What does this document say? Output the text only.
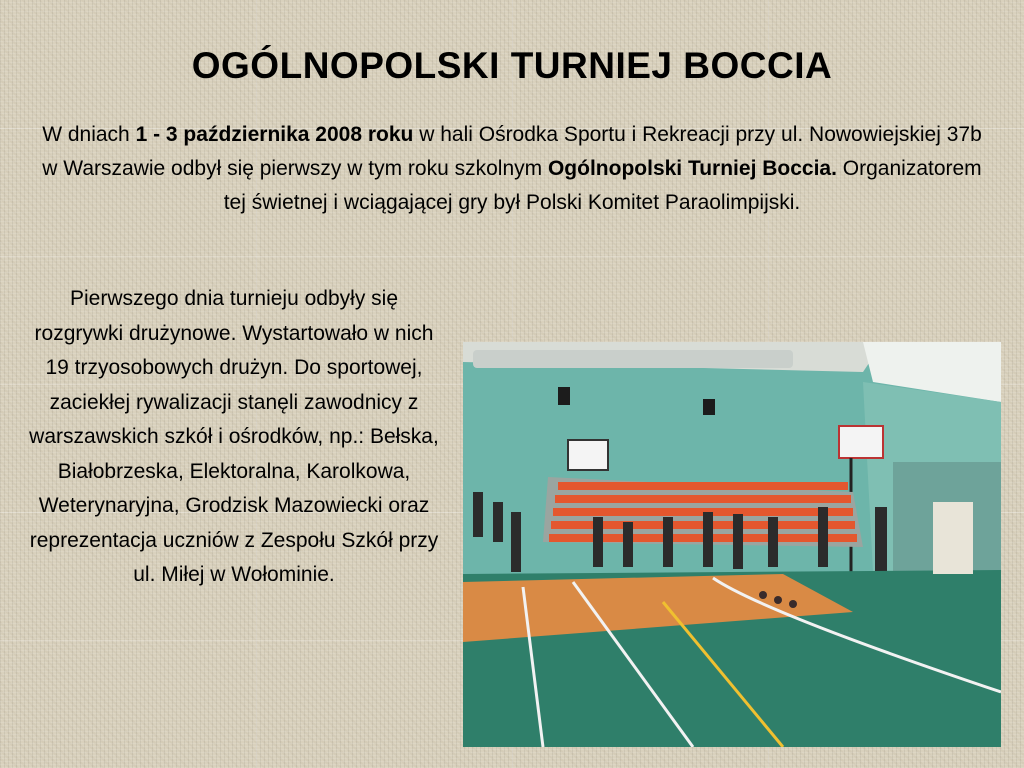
OGÓLNOPOLSKI TURNIEJ BOCCIA

W dniach 1 - 3 października 2008 roku w hali Ośrodka Sportu i Rekreacji przy ul. Nowowiejskiej 37b w Warszawie odbył się pierwszy w tym roku szkolnym Ogólnopolski Turniej Boccia. Organizatorem tej świetnej i wciągającej gry był Polski Komitet Paraolimpijski.

Pierwszego dnia turnieju odbyły się rozgrywki drużynowe. Wystartowało w nich 19 trzyosobowych drużyn. Do sportowej, zaciekłej rywalizacji stanęli zawodnicy z warszawskich szkół i ośrodków, np.: Bełska, Białobrzeska, Elektoralna, Karolkowa, Weterynaryjna, Grodzisk Mazowiecki oraz reprezentacja uczniów z Zespołu Szkół przy ul. Miłej w Wołominie.
